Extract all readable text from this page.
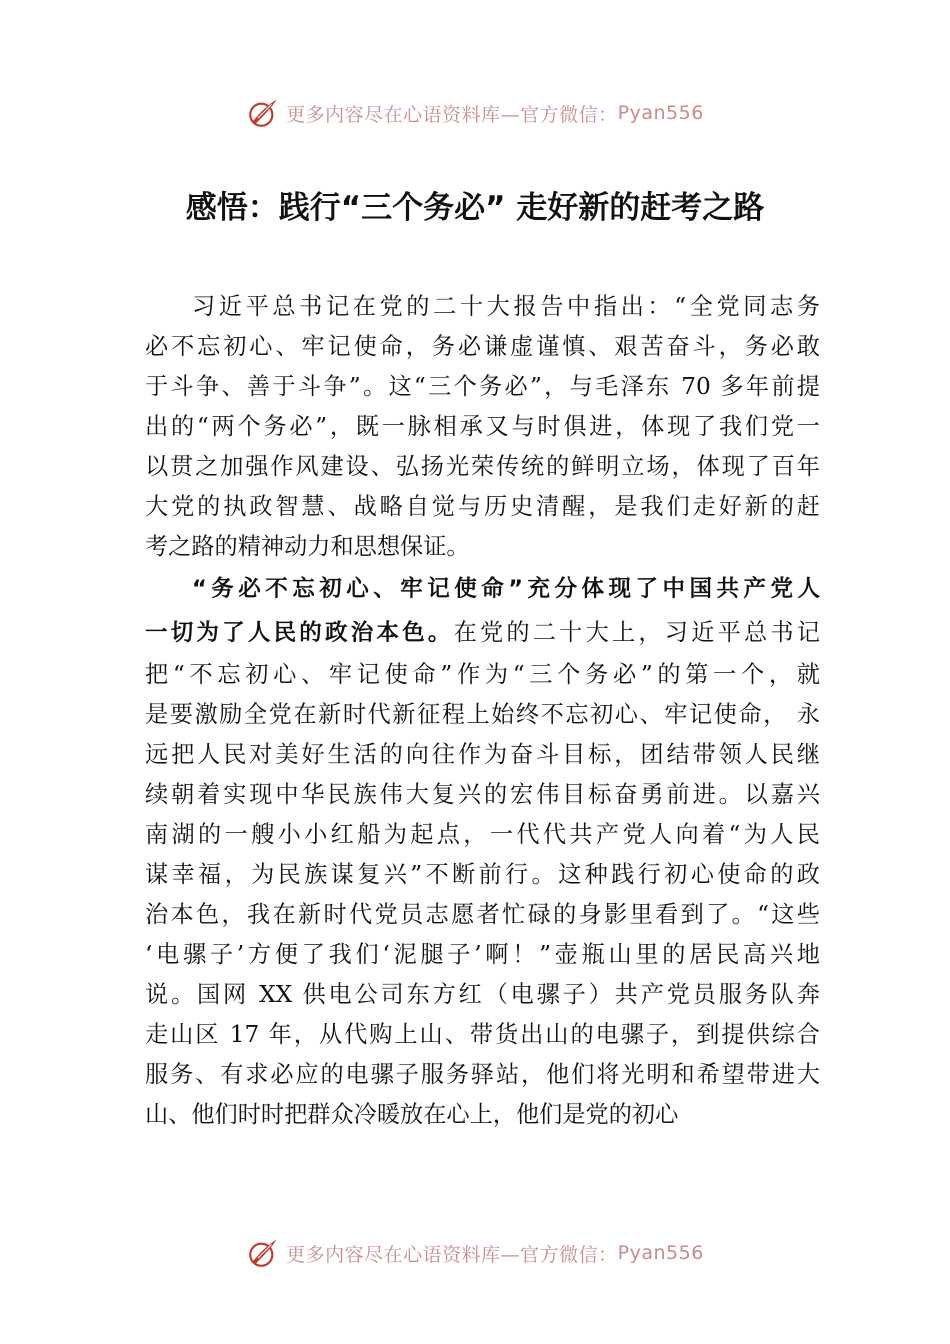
更多内容尽在心语资料库—官方微信： Pyan556
感悟：践行“三个务必” 走好新的赶考之路
习近平总书记在党的二十大报告中指出：“全党同志务
必不忘初心、牢记使命，务必谦虚谨慎、艰苦奋斗，务必敢
于斗争、善于斗争”。这“三个务必”，与毛泽东 70 多年前提
出的“两个务必”，既一脉相承又与时俱进，体现了我们党一
以贯之加强作风建设、弘扬光荣传统的鲜明立场，体现了百年
大党的执政智慧、战略自觉与历史清醒，是我们走好新的赶
考之路的精神动力和思想保证。
“务必不忘初心、牢记使命”充分体现了中国共产党人
一切为了人民的政治本色。在党的二十大上，习近平总书记
把“不忘初心、牢记使命”作为“三个务必”的第一个，就
是要激励全党在新时代新征程上始终不忘初心、牢记使命， 永
远把人民对美好生活的向往作为奋斗目标，团结带领人民继
续朝着实现中华民族伟大复兴的宏伟目标奋勇前进。以嘉兴
南湖的一艘小小红船为起点，一代代共产党人向着“为人民
谋幸福，为民族谋复兴”不断前行。这种践行初心使命的政
治本色，我在新时代党员志愿者忙碌的身影里看到了。“这些
‘电骡子’方便了我们‘泥腿子’啊！”壶瓶山里的居民高兴地
说。国网 XX 供电公司东方红（电骡子）共产党员服务队奔
走山区 17 年，从代购上山、带货出山的电骡子，到提供综合
服务、有求必应的电骡子服务驿站，他们将光明和希望带进大
山、他们时时把群众冷暖放在心上，他们是党的初心
更多内容尽在心语资料库—官方微信： Pyan556
